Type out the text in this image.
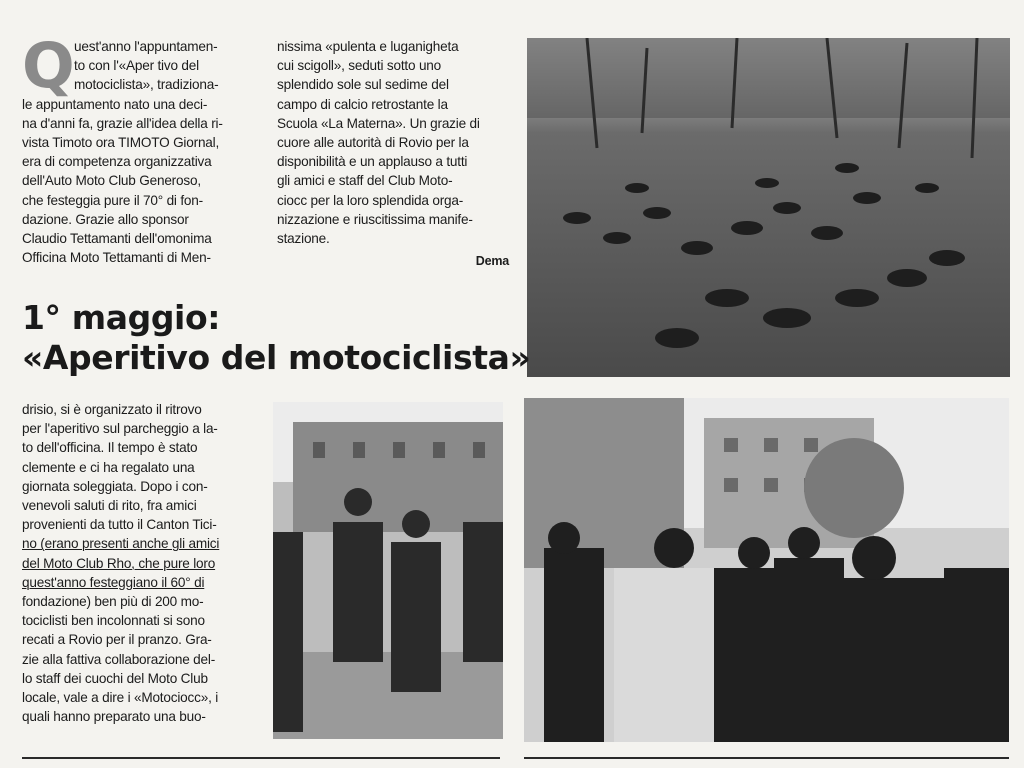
Q uest'anno l'appuntamen-

to con l'«Aper tivo del

motociclista», tradiziona-

le appuntamento nato una deci-

na d'anni fa, grazie all'idea della ri-

vista Timoto ora TIMOTO Giornal,

era di competenza organizzativa

dell'Auto Moto Club Generoso,

che festeggia pure il 70° di fon-

dazione. Grazie allo sponsor

Claudio Tettamanti dell'omonima

Officina Moto Tettamanti di Men-

nissima «pulenta e luganigheta

cui scigoll», seduti sotto uno

splendido sole sul sedime del

campo di calcio retrostante la

Scuola «La Materna». Un grazie di

cuore alle autorità di Rovio per la

disponibilità e un applauso a tutti

gli amici e staff del Club Moto-

ciocc per la loro splendida orga-

nizzazione e riuscitissima manife-

stazione.

Dema

1° maggio:
«Aperitivo del motociclista»

drisio, si è organizzato il ritrovo

per l'aperitivo sul parcheggio a la-

to dell'officina. Il tempo è stato

clemente e ci ha regalato una

giornata soleggiata. Dopo i con-

venevoli saluti di rito, fra amici

provenienti da tutto il Canton Tici-

no (erano presenti anche gli amici

del Moto Club Rho, che pure loro

quest'anno festeggiano il 60° di

fondazione) ben più di 200 mo-

tociclisti ben incolonnati si sono

recati a Rovio per il pranzo. Gra-

zie alla fattiva collaborazione del-

lo staff dei cuochi del Moto Club

locale, vale a dire i «Motociocc», i

quali hanno preparato una buo-
